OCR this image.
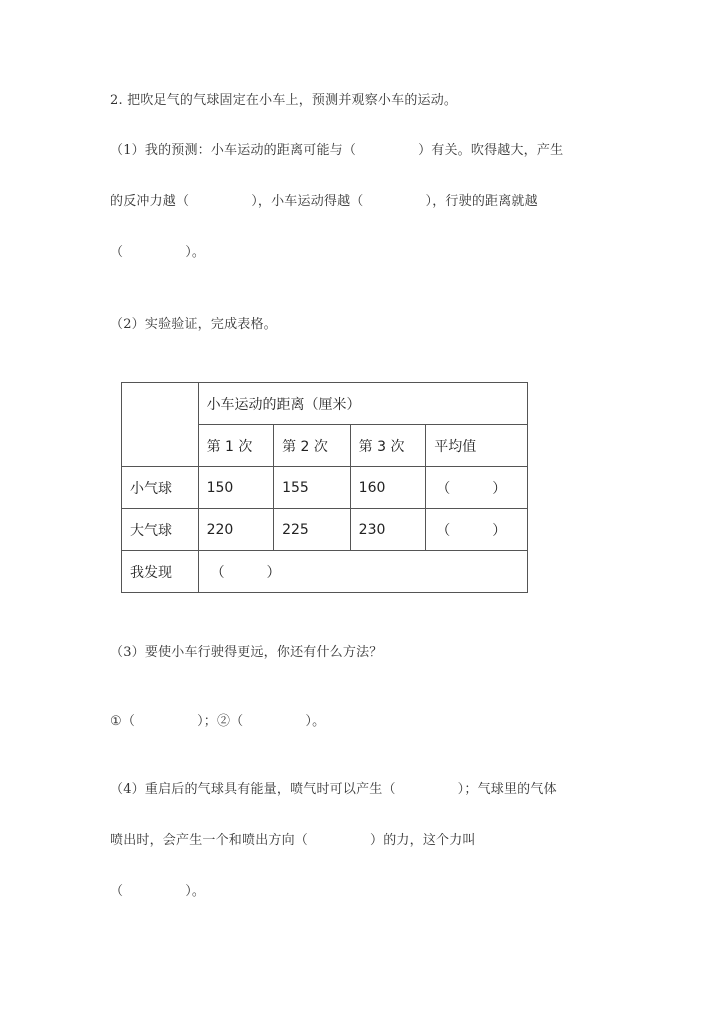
2. 把吹足气的气球固定在小车上，预测并观察小车的运动。
（1）我的预测：小车运动的距离可能与（	）有关。吹得越大，产生
的反冲力越（	），小车运动得越（	），行驶的距离就越
（	）。
（2）实验验证，完成表格。
	小车运动的距离（厘米）			
	第 1 次	第 2 次	第 3 次	平均值
小气球	150	155	160	（　　　）
大气球	220	225	230	（　　　）
我发现	（　　　）			
（3）要使小车行驶得更远，你还有什么方法？
①（	）；②（	）。
（4）重启后的气球具有能量，喷气时可以产生（	）；气球里的气体
喷出时，会产生一个和喷出方向（	）的力，这个力叫
（	）。
